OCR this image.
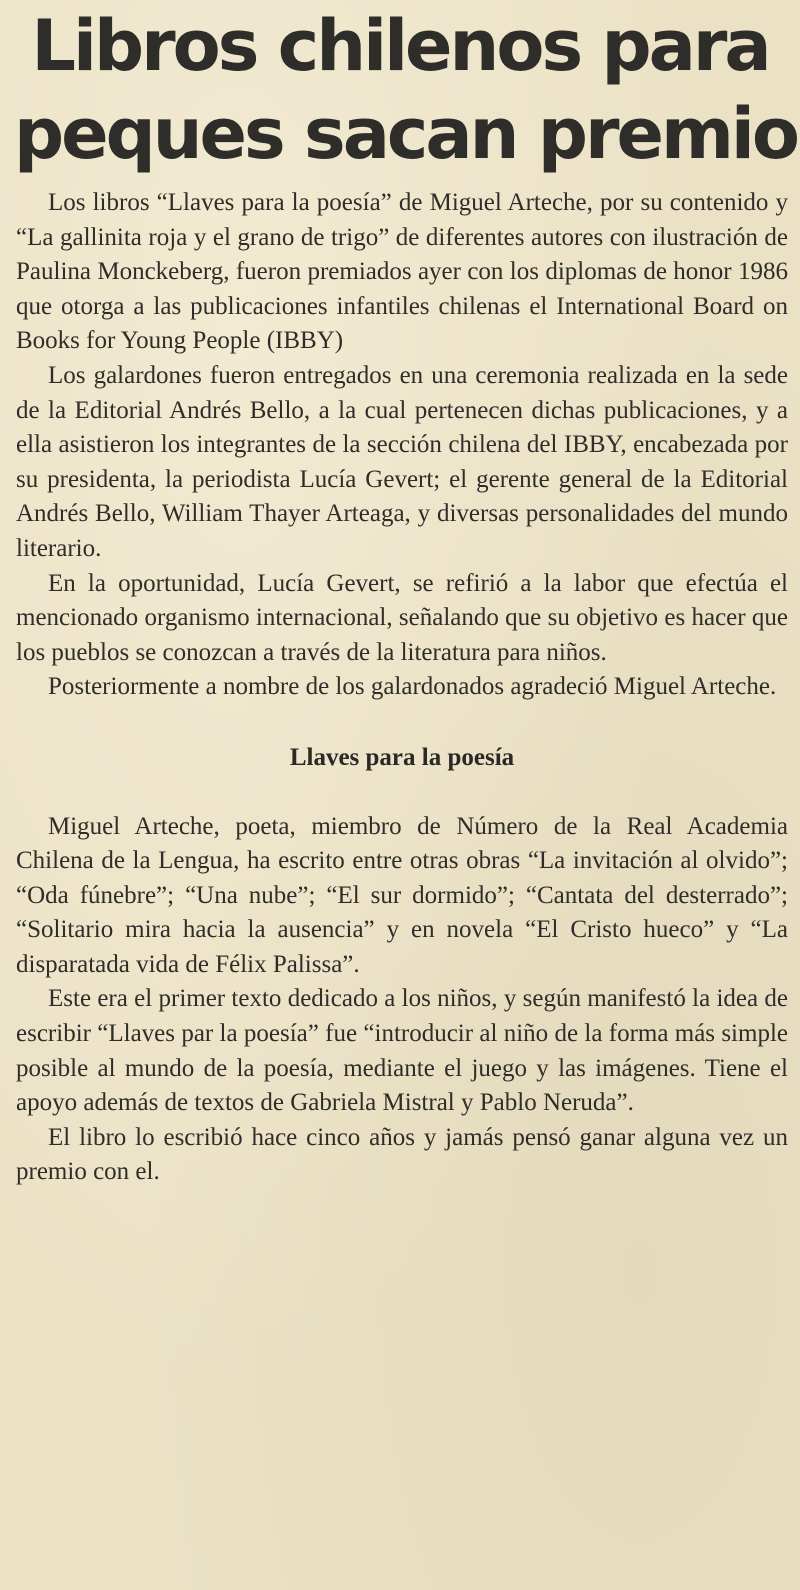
Libros chilenos para
peques sacan premio

Los libros “Llaves para la poesía” de Miguel Arteche, por su contenido y “La gallinita roja y el grano de trigo” de diferentes autores con ilustración de Paulina Monckeberg, fueron premiados ayer con los diplomas de honor 1986 que otorga a las publicaciones infantiles chilenas el International Board on Books for Young People (IBBY)

Los galardones fueron entregados en una ceremonia realizada en la sede de la Editorial Andrés Bello, a la cual pertenecen dichas publicaciones, y a ella asistieron los integrantes de la sección chilena del IBBY, encabezada por su presidenta, la periodista Lucía Gevert; el gerente general de la Editorial Andrés Bello, William Thayer Arteaga, y diversas personalidades del mundo literario.

En la oportunidad, Lucía Gevert, se refirió a la labor que efectúa el mencionado organismo internacional, señalando que su objetivo es hacer que los pueblos se conozcan a través de la literatura para niños.

Posteriormente a nombre de los galardonados agradeció Miguel Arteche.

Llaves para la poesía

Miguel Arteche, poeta, miembro de Número de la Real Academia Chilena de la Lengua, ha escrito entre otras obras “La invitación al olvido”; “Oda fúnebre”; “Una nube”; “El sur dormido”; “Cantata del desterrado”; “Solitario mira hacia la ausencia” y en novela “El Cristo hueco” y “La disparatada vida de Félix Palissa”.

Este era el primer texto dedicado a los niños, y según manifestó la idea de escribir “Llaves par la poesía” fue “introducir al niño de la forma más simple posible al mundo de la poesía, mediante el juego y las imágenes. Tiene el apoyo además de textos de Gabriela Mistral y Pablo Neruda”.

El libro lo escribió hace cinco años y jamás pensó ganar alguna vez un premio con el.
